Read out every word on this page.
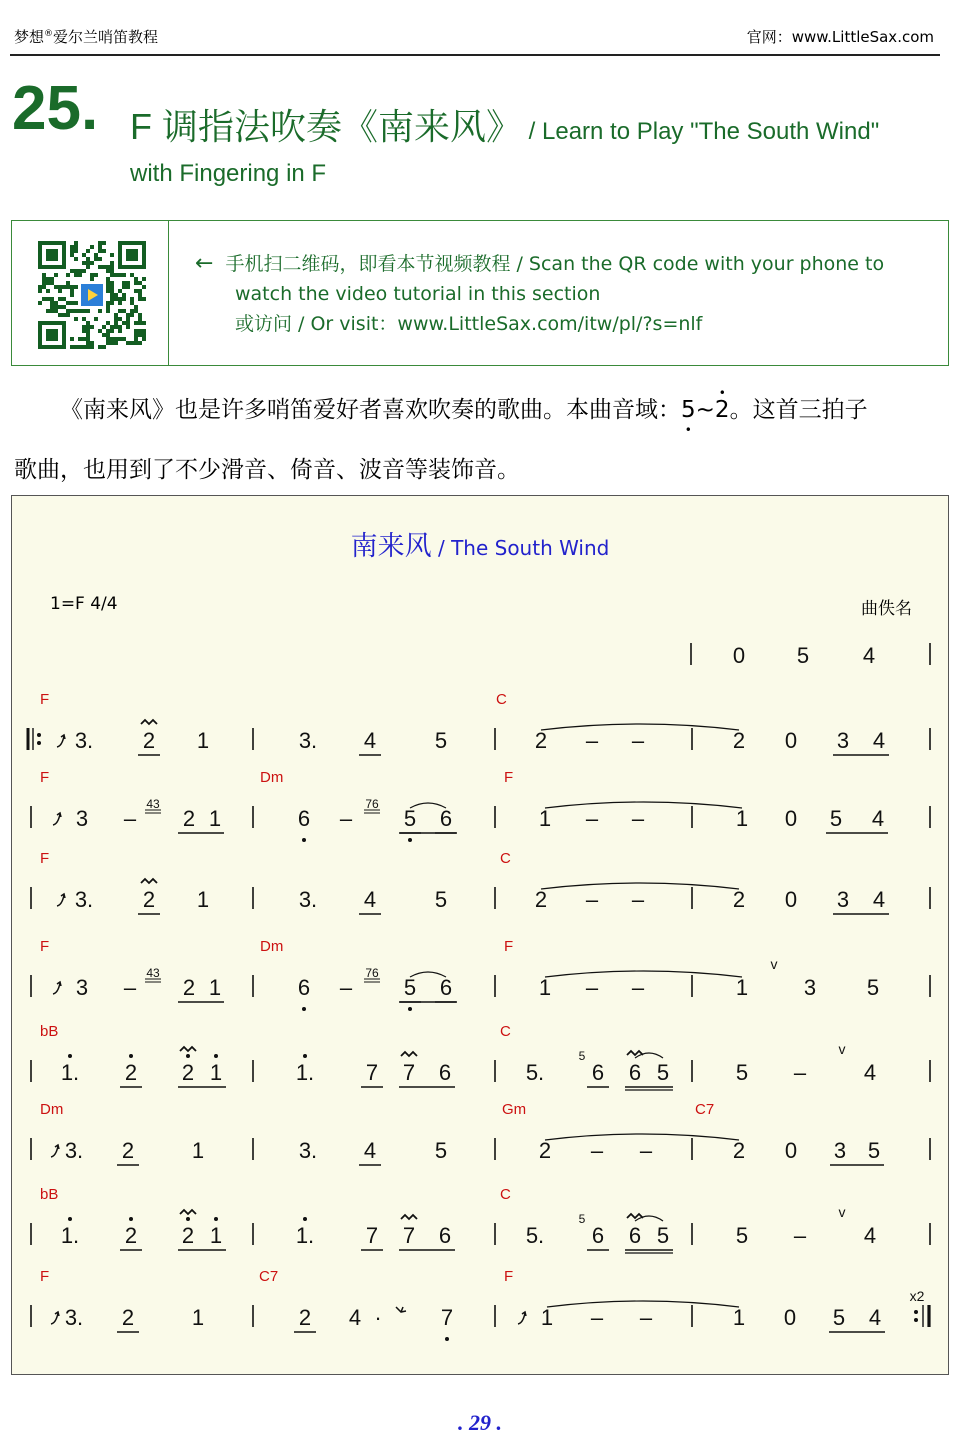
梦想®爱尔兰哨笛教程	官网：www.LittleSax.com
25. F 调指法吹奏《南来风》 / Learn to Play "The South Wind"
with Fingering in F
← 手机扫二维码，即看本节视频教程 / Scan the QR code with your phone to
watch the video tutorial in this section
或访问 / Or visit：www.LittleSax.com/itw/pl/?s=nlf
《南来风》也是许多哨笛爱好者喜欢吹奏的歌曲。本曲音域：5
•
~2
•
。这首三拍子
歌曲，也用到了不少滑音、倚音、波音等装饰音。
南来风 / The South Wind
1=F 4/4	曲佚名
0 5 4
F
3. 2 1	3. 4	5
C
2 – –	2 0 3 4
F
3 –
43
2 1
Dm
6 –
76
5 6
F
1 – –	1 0 5 4
F
3. 2 1	3. 4	5
C
2 – –	2 0 3 4
F
3 –
43
2 1
Dm
6 –
76
5 6
F
1 – –	1
v
3 5
bB
1. 2 2 1	1. 7 7 6
C
5.
5
6 6 5	5 –
v
4
Dm
3. 2	1	3. 4	5
Gm
2 – –
C7
2 0 3 5
bB
1. 2 2 1	1. 7 7 6
C
5.
5
6 6 5	5 –
v
4
F
3. 2	1
C7
2 4 ·	7
F
1 – –	1 0 5 4
x2
. 29 .
